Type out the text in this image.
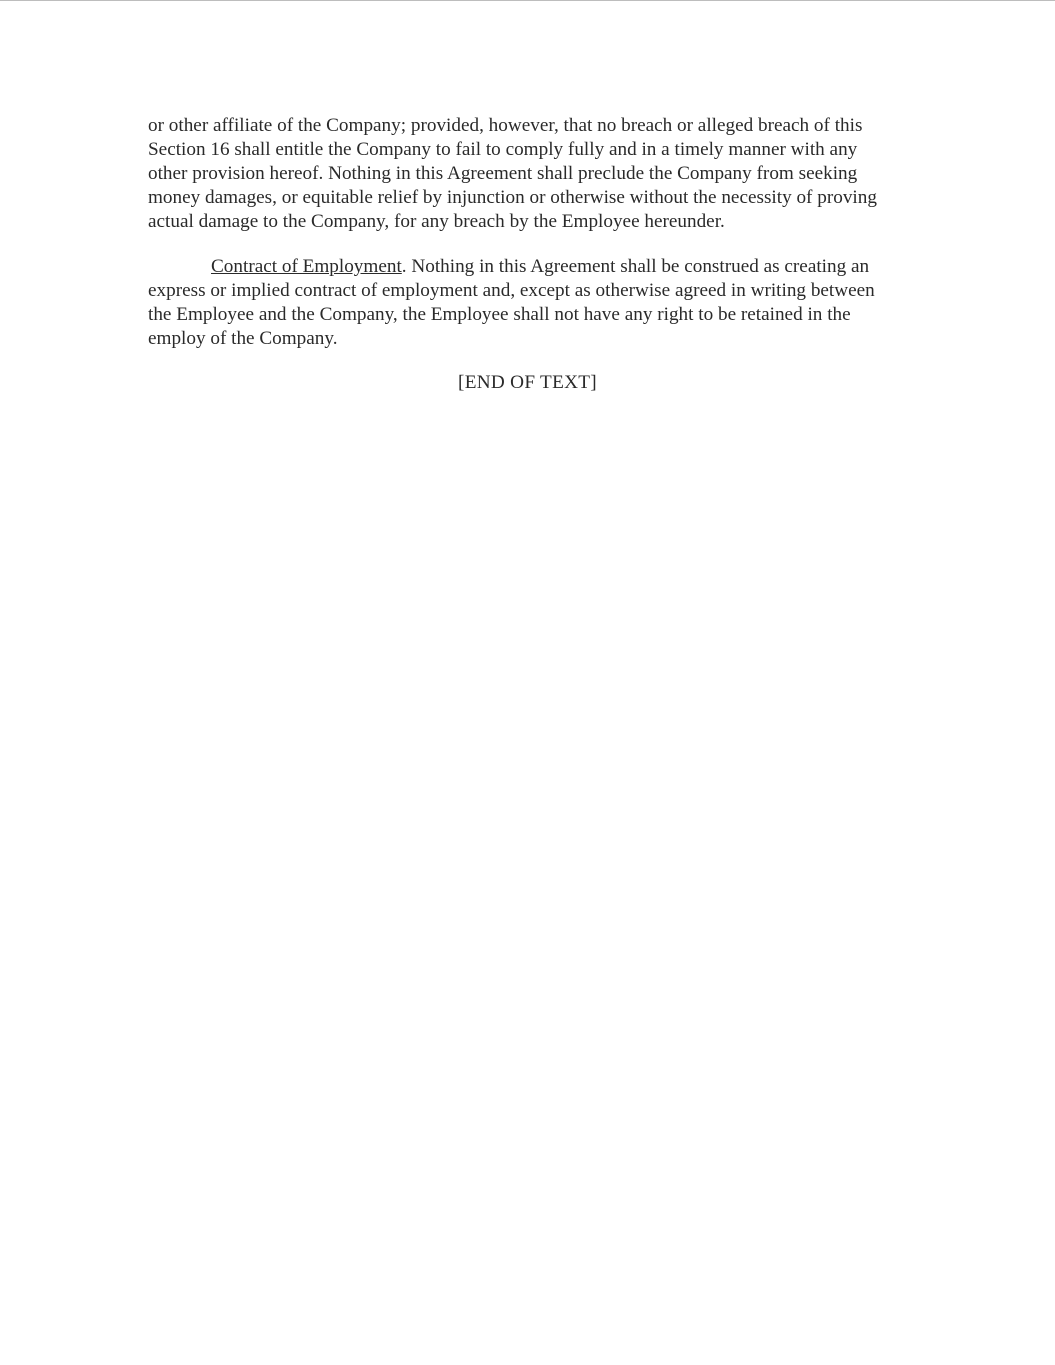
or other affiliate of the Company; provided, however, that no breach or alleged breach of this
Section 16 shall entitle the Company to fail to comply fully and in a timely manner with any
other provision hereof. Nothing in this Agreement shall preclude the Company from seeking
money damages, or equitable relief by injunction or otherwise without the necessity of proving
actual damage to the Company, for any breach by the Employee hereunder.

Contract of Employment. Nothing in this Agreement shall be construed as creating an
express or implied contract of employment and, except as otherwise agreed in writing between
the Employee and the Company, the Employee shall not have any right to be retained in the
employ of the Company.

[END OF TEXT]
